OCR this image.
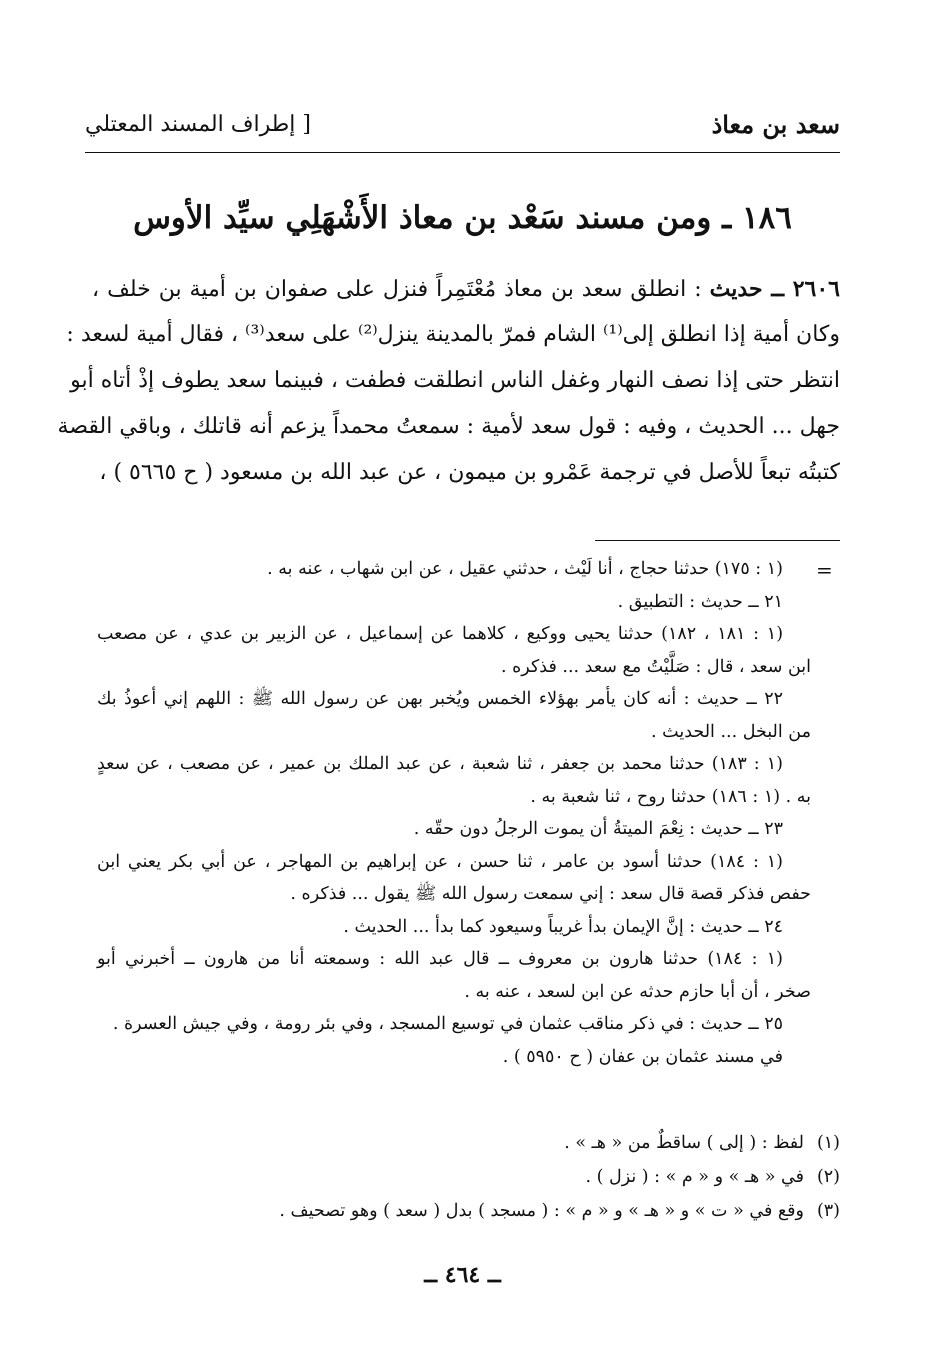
سعد بن معاذ
[ إطراف المسند المعتلي
١٨٦ ـ ومن مسند سَعْد بن معاذ الأَشْهَلِي سيِّد الأوس
٢٦٠٦ ــ حديث : انطلق سعد بن معاذ مُعْتَمِراً فنزل على صفوان بن أمية بن خلف ،
وكان أمية إذا انطلق إلى⁽¹⁾ الشام فمرّ بالمدينة ينزل⁽²⁾ على سعد⁽³⁾ ، فقال أمية لسعد :
انتظر حتى إذا نصف النهار وغفل الناس انطلقت فطفت ، فبينما سعد يطوف إذْ أتاه أبو
جهل ... الحديث ، وفيه : قول سعد لأمية : سمعتُ محمداً يزعم أنه قاتلك ، وباقي القصة
كتبتُه تبعاً للأصل في ترجمة عَمْرو بن ميمون ، عن عبد الله بن مسعود ( ح ٥٦٦٥ ) ،
=
(١ : ١٧٥) حدثنا حجاج ، أنا لَيْث ، حدثني عقيل ، عن ابن شهاب ، عنه به .
٢١ ــ حديث : التطبيق .
(١ : ١٨١ ، ١٨٢) حدثنا يحيى ووكيع ، كلاهما عن إسماعيل ، عن الزبير بن عدي ، عن مصعب
ابن سعد ، قال : صَلَّيْتُ مع سعد ... فذكره .
٢٢ ــ حديث : أنه كان يأمر بهؤلاء الخمس ويُخبر بهن عن رسول الله ﷺ : اللهم إني أعوذُ بك
من البخل ... الحديث .
(١ : ١٨٣) حدثنا محمد بن جعفر ، ثنا شعبة ، عن عبد الملك بن عمير ، عن مصعب ، عن سعدٍ
به . (١ : ١٨٦) حدثنا روح ، ثنا شعبة به .
٢٣ ــ حديث : نِعْمَ الميتةُ أن يموت الرجلُ دون حقّه .
(١ : ١٨٤) حدثنا أسود بن عامر ، ثنا حسن ، عن إبراهيم بن المهاجر ، عن أبي بكر يعني ابن
حفص فذكر قصة قال سعد : إني سمعت رسول الله ﷺ يقول ... فذكره .
٢٤ ــ حديث : إنَّ الإيمان بدأ غريباً وسيعود كما بدأ ... الحديث .
(١ : ١٨٤) حدثنا هارون بن معروف ــ قال عبد الله : وسمعته أنا من هارون ــ أخبرني أبو
صخر ، أن أبا حازم حدثه عن ابن لسعد ، عنه به .
٢٥ ــ حديث : في ذكر مناقب عثمان في توسيع المسجد ، وفي بئر رومة ، وفي جيش العسرة .
في مسند عثمان بن عفان ( ح ٥٩٥٠ ) .
(١)لفظ : ( إلى ) ساقطٌ من « هـ » .
(٢)في « هـ » و « م » : ( نزل ) .
(٣)وقع في « ت » و « هـ » و « م » : ( مسجد ) بدل ( سعد ) وهو تصحيف .
ــ ٤٦٤ ــ
